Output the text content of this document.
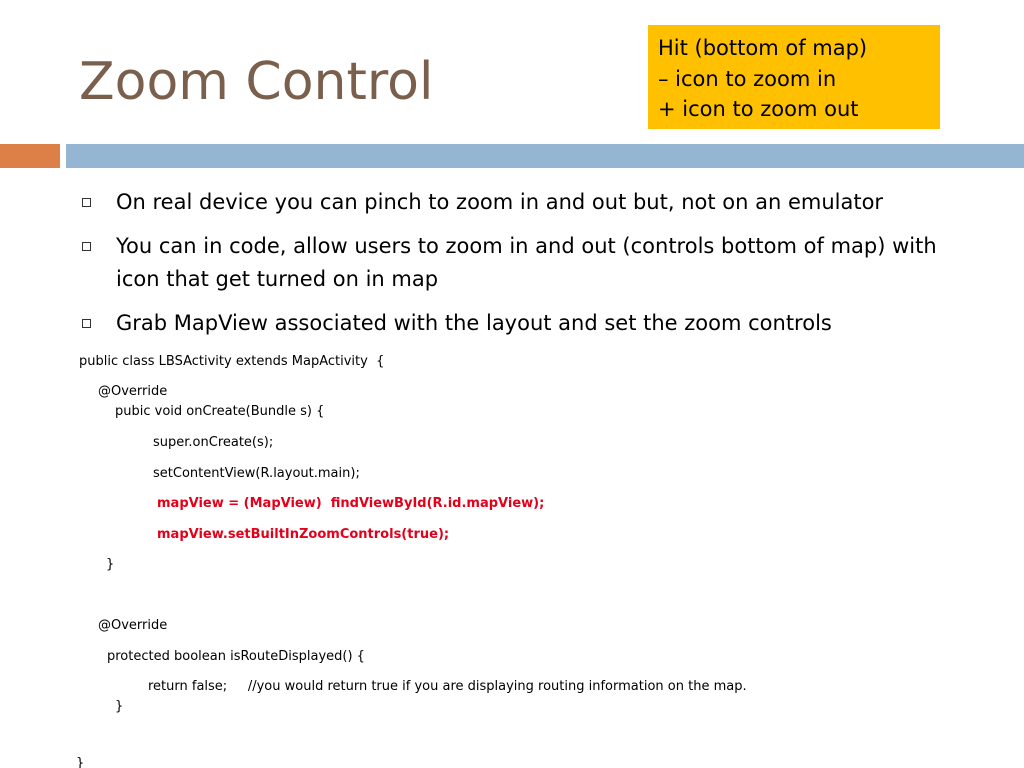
Zoom Control
Hit (bottom of map)
– icon to zoom in
+ icon to zoom out
On real device you can pinch to zoom in and out but, not on an emulator
You can in code, allow users to zoom in and out (controls bottom of map) with icon that get turned on in map
Grab MapView associated with the layout and set the zoom controls
public class LBSActivity extends MapActivity  {
@Override
pubic void onCreate(Bundle s) {
super.onCreate(s);
setContentView(R.layout.main);
mapView = (MapView)  findViewById(R.id.mapView);
mapView.setBuiltInZoomControls(true);
}
@Override
protected boolean isRouteDisplayed() {
return false;     //you would return true if you are displaying routing information on the map.
}
}
